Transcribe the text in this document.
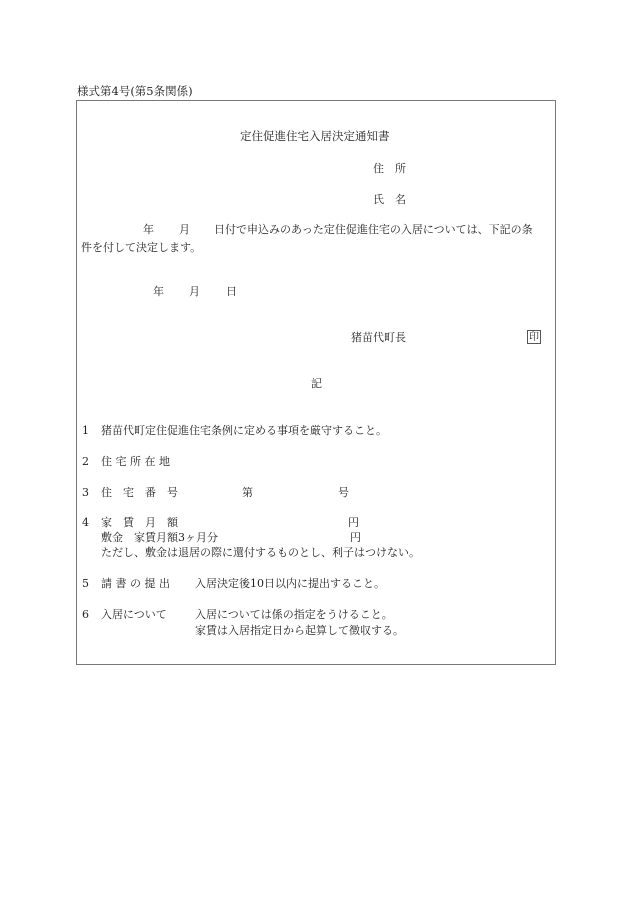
様式第4号(第5条関係)
定住促進住宅入居決定通知書
住　所
氏　名
年 月 日付で申込みのあった定住促進住宅の入居については、下記の条
件を付して決定します。
年 月 日
猪苗代町長	印
記
1 猪苗代町定住促進住宅条例に定める事項を厳守すること。
2 住 宅 所 在 地
3 住　宅　番　号	第	号
4 家　賃　月　額	円
敷金　家賃月額3ヶ月分	円
ただし、敷金は退居の際に還付するものとし、利子はつけない。
5 請 書 の 提 出 入居決定後10日以内に提出すること。
6 入居について	入居については係の指定をうけること。
家賃は入居指定日から起算して徴収する。
